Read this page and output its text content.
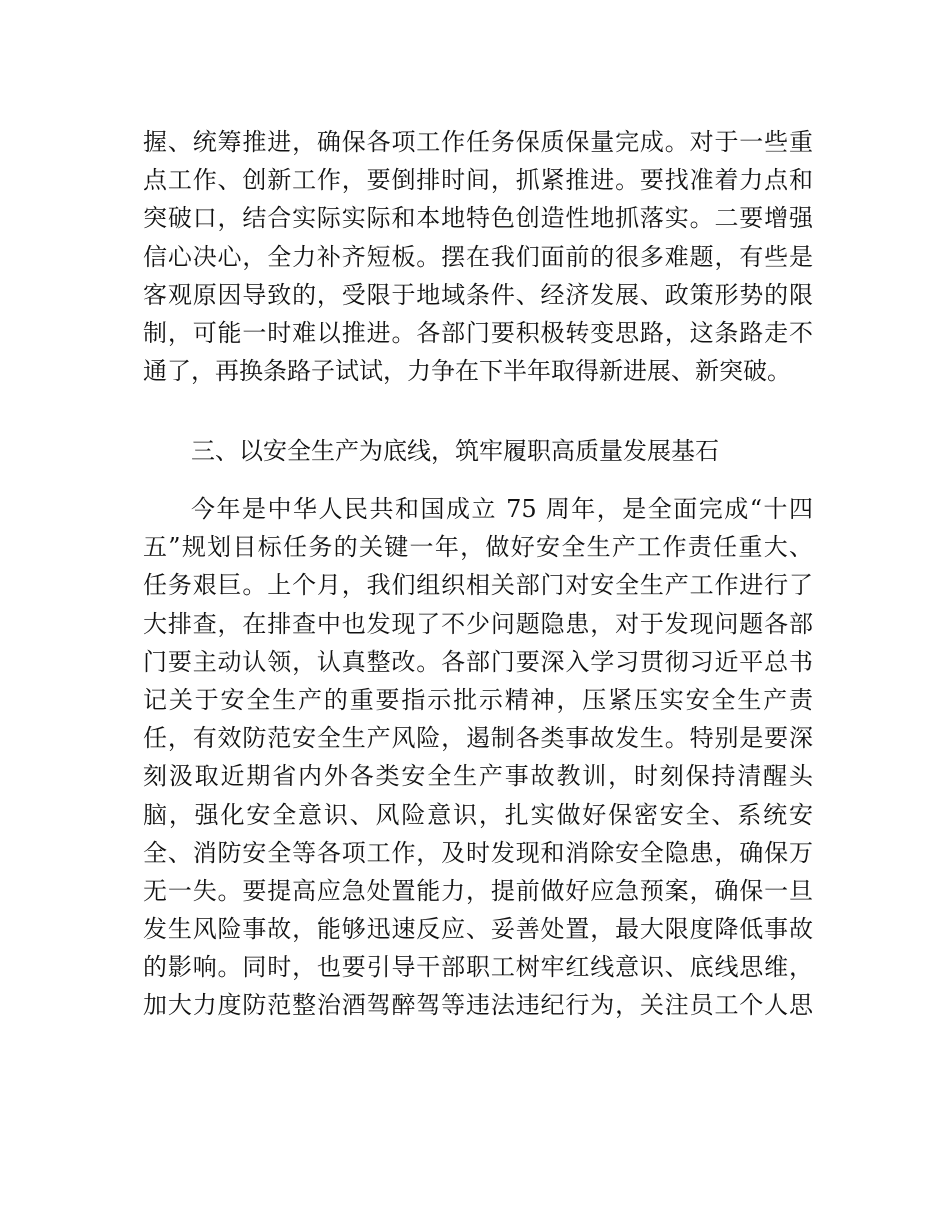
握、统筹推进，确保各项工作任务保质保量完成。对于一些重
点工作、创新工作，要倒排时间，抓紧推进。要找准着力点和
突破口，结合实际实际和本地特色创造性地抓落实。二要增强
信心决心，全力补齐短板。摆在我们面前的很多难题，有些是
客观原因导致的，受限于地域条件、经济发展、政策形势的限
制，可能一时难以推进。各部门要积极转变思路，这条路走不
通了，再换条路子试试，力争在下半年取得新进展、新突破。
三、以安全生产为底线，筑牢履职高质量发展基石
今年是中华人民共和国成立 75 周年，是全面完成“十四
五”规划目标任务的关键一年，做好安全生产工作责任重大、
任务艰巨。上个月，我们组织相关部门对安全生产工作进行了
大排查，在排查中也发现了不少问题隐患，对于发现问题各部
门要主动认领，认真整改。各部门要深入学习贯彻习近平总书
记关于安全生产的重要指示批示精神，压紧压实安全生产责
任，有效防范安全生产风险，遏制各类事故发生。特别是要深
刻汲取近期省内外各类安全生产事故教训，时刻保持清醒头
脑，强化安全意识、风险意识，扎实做好保密安全、系统安
全、消防安全等各项工作，及时发现和消除安全隐患，确保万
无一失。要提高应急处置能力，提前做好应急预案，确保一旦
发生风险事故，能够迅速反应、妥善处置，最大限度降低事故
的影响。同时，也要引导干部职工树牢红线意识、底线思维，
加大力度防范整治酒驾醉驾等违法违纪行为，关注员工个人思
